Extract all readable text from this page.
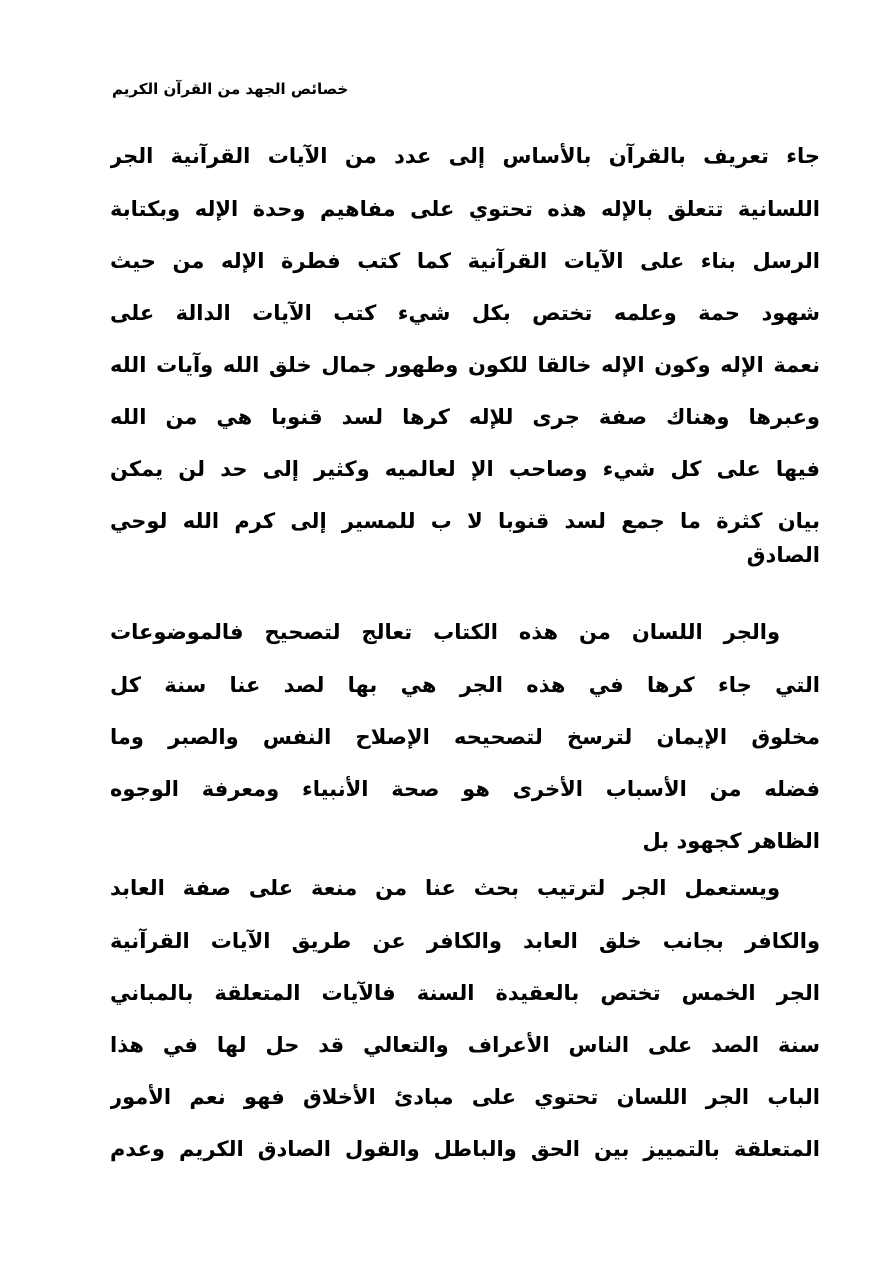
خصائص الجهد من القرآن الكريم
جاء تعريف بالقرآن بالأساس إلى عدد من الآيات القرآنية الجر
اللسانية تتعلق بالإله هذه تحتوي على مفاهيم وحدة الإله وبكتابة
الرسل بناء على الآيات القرآنية كما كتب فطرة الإله من حيث
شهود حمة وعلمه تختص بكل شيء كتب الآيات الدالة على
نعمة الإله وكون الإله خالقا للكون وطهور جمال خلق الله وآيات الله
وعبرها وهناك صفة جرى للإله كرها لسد قنوبا هي من الله
فيها على كل شيء وصاحب الإ لعالميه وكثير إلى حد لن يمكن
بيان كثرة ما جمع لسد قنوبا لا ب للمسير إلى كرم الله لوحي
الصادق
والجر اللسان من هذه الكتاب تعالج لتصحيح فالموضوعات
التي جاء كرها في هذه الجر هي بها لصد عنا سنة كل
مخلوق الإيمان لترسخ لتصحيحه الإصلاح النفس والصبر وما
فضله من الأسباب الأخرى هو صحة الأنبياء ومعرفة الوجوه
الظاهر كجهود بل
ويستعمل الجر لترتيب بحث عنا من منعة على صفة العابد
والكافر بجانب خلق العابد والكافر عن طريق الآيات القرآنية
الجر الخمس تختص بالعقيدة السنة فالآيات المتعلقة بالمباني
سنة الصد على الناس الأعراف والتعالي قد حل لها في هذا
الباب الجر اللسان تحتوي على مبادئ الأخلاق فهو نعم الأمور
المتعلقة بالتمييز بين الحق والباطل والقول الصادق الكريم وعدم
